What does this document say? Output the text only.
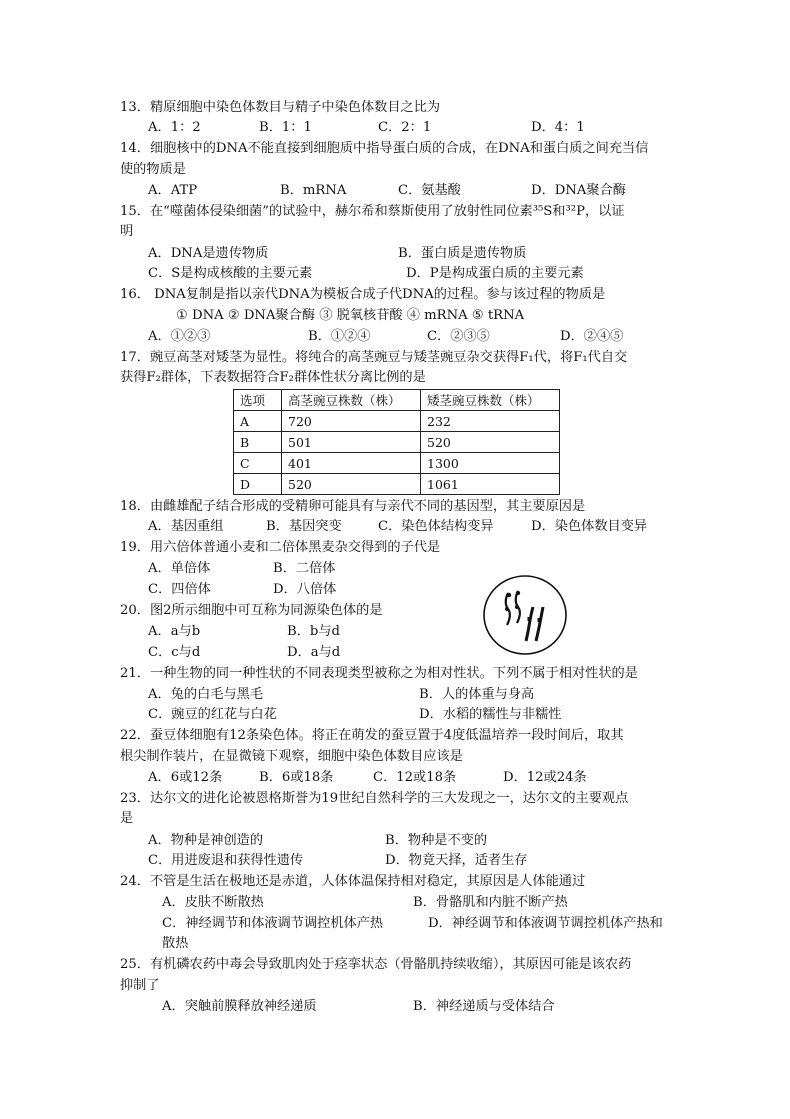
13．精原细胞中染色体数目与精子中染色体数目之比为
A．1：2	B．1：1	C．2：1	D．4：1
14．细胞核中的DNA不能直接到细胞质中指导蛋白质的合成，在DNA和蛋白质之间充当信
使的物质是
A．ATP	B．mRNA	C．氨基酸	D．DNA聚合酶
15．在“噬菌体侵染细菌”的试验中，赫尔希和蔡斯使用了放射性同位素³⁵S和³²P，以证
明
A．DNA是遗传物质	B．蛋白质是遗传物质
C．S是构成核酸的主要元素	D．P是构成蛋白质的主要元素
16． DNA复制是指以亲代DNA为模板合成子代DNA的过程。参与该过程的物质是
① DNA ② DNA聚合酶 ③ 脱氧核苷酸 ④ mRNA ⑤ tRNA
A．①②③	B．①②④	C．②③⑤	D．②④⑤
17．豌豆高茎对矮茎为显性。将纯合的高茎豌豆与矮茎豌豆杂交获得F₁代，将F₁代自交
获得F₂群体，下表数据符合F₂群体性状分离比例的是
选项	高茎豌豆株数（株）	矮茎豌豆株数（株）
A	720	232
B	501	520
C	401	1300
D	520	1061
18．由雌雄配子结合形成的受精卵可能具有与亲代不同的基因型，其主要原因是
A．基因重组	B．基因突变	C．染色体结构变异	D．染色体数目变异
19．用六倍体普通小麦和二倍体黑麦杂交得到的子代是
A．单倍体	B．二倍体
C．四倍体	D．八倍体
20．图2所示细胞中可互称为同源染色体的是
A．a与b	B．b与d
C．c与d	D．a与d
21．一种生物的同一种性状的不同表现类型被称之为相对性状。下列不属于相对性状的是
A．兔的白毛与黑毛	B．人的体重与身高
C．豌豆的红花与白花	D．水稻的糯性与非糯性
22．蚕豆体细胞有12条染色体。将正在萌发的蚕豆置于4度低温培养一段时间后，取其
根尖制作装片，在显微镜下观察，细胞中染色体数目应该是
A．6或12条	B．6或18条	C．12或18条	D．12或24条
23．达尔文的进化论被恩格斯誉为19世纪自然科学的三大发现之一，达尔文的主要观点
是
A．物种是神创造的	B．物种是不变的
C．用进废退和获得性遗传	D．物竟天择，适者生存
24．不管是生活在极地还是赤道，人体体温保持相对稳定，其原因是人体能通过
A．皮肤不断散热	B．骨骼肌和内脏不断产热
C．神经调节和体液调节调控机体产热	D．神经调节和体液调节调控机体产热和
散热
25．有机磷农药中毒会导致肌肉处于痉挛状态（骨骼肌持续收缩），其原因可能是该农药
抑制了
A．突触前膜释放神经递质	B．神经递质与受体结合
